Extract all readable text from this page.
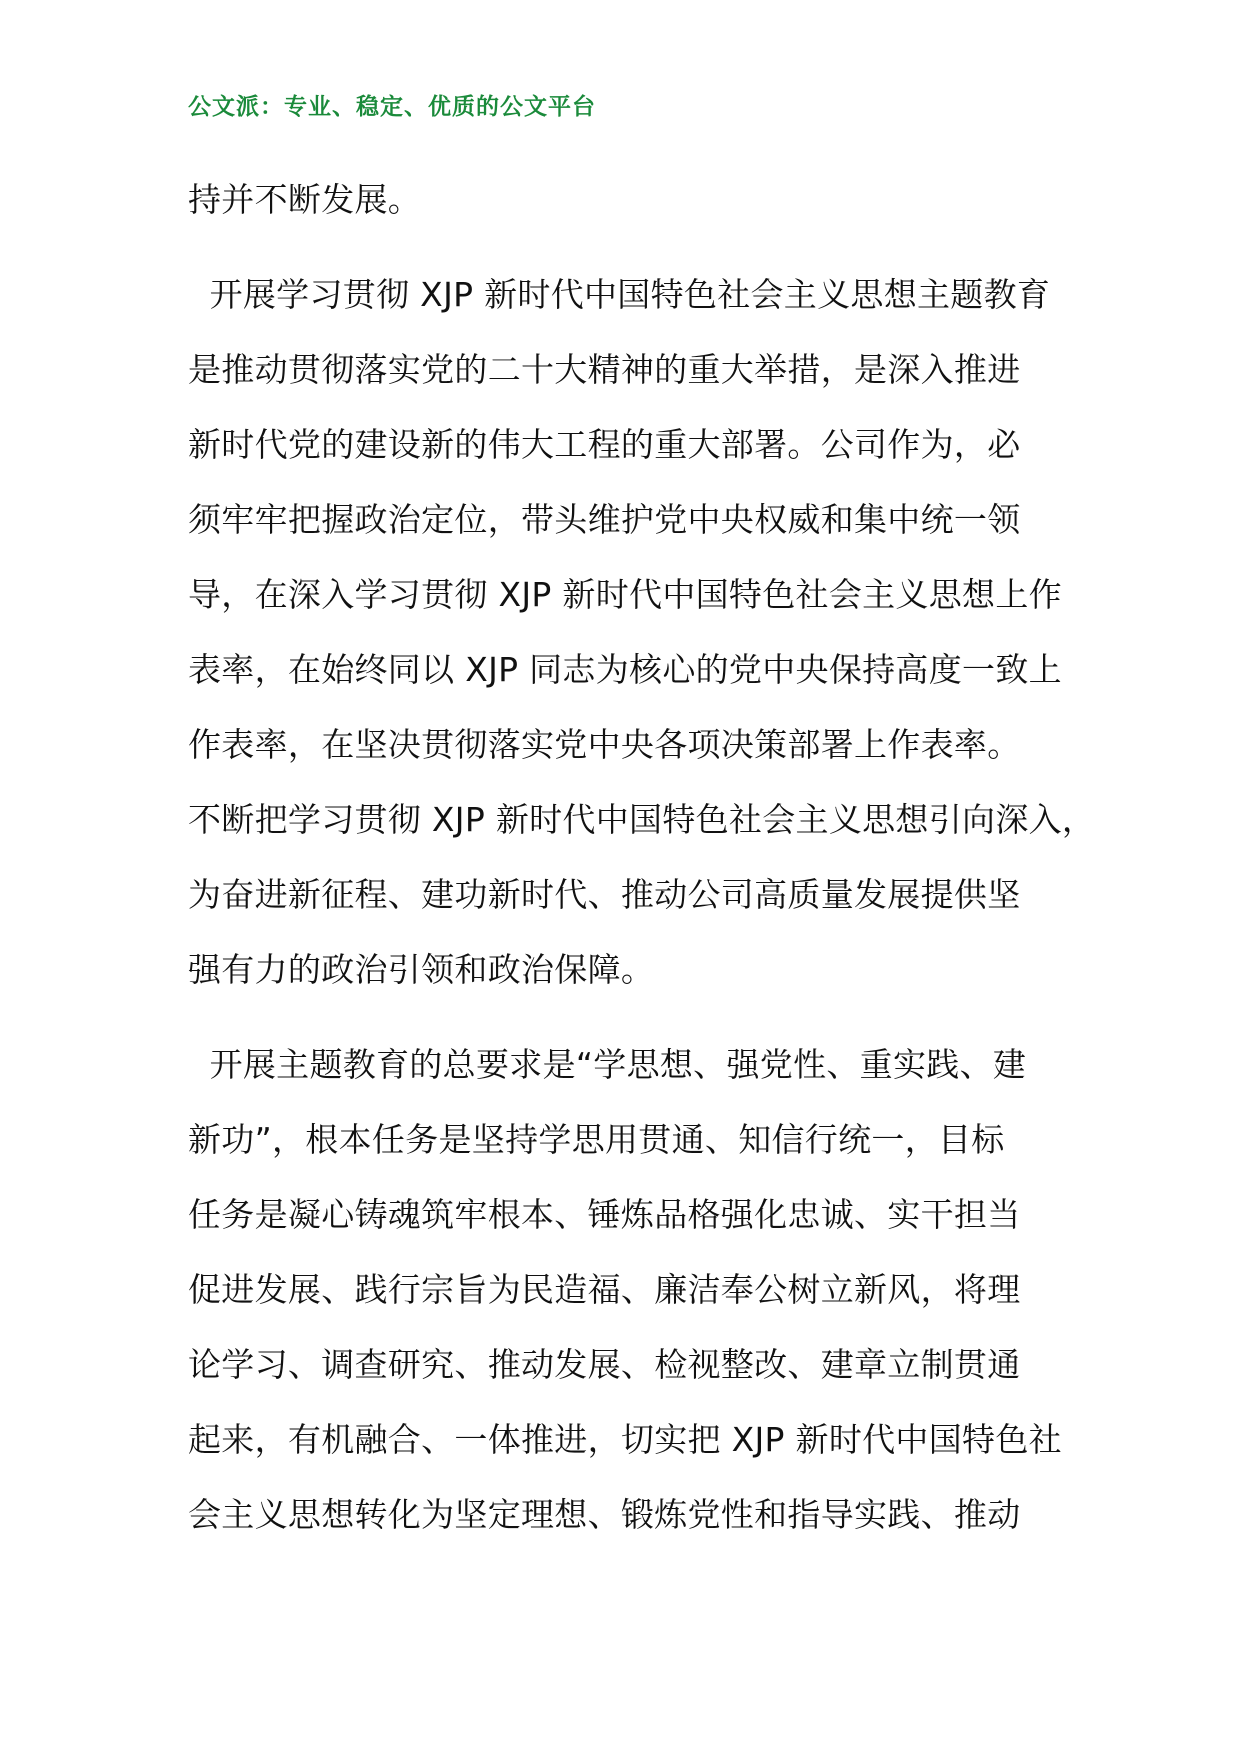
公文派：专业、稳定、优质的公文平台
持并不断发展。
开展学习贯彻 XJP 新时代中国特色社会主义思想主题教育
是推动贯彻落实党的二十大精神的重大举措，是深入推进
新时代党的建设新的伟大工程的重大部署。公司作为，必
须牢牢把握政治定位，带头维护党中央权威和集中统一领
导，在深入学习贯彻 XJP 新时代中国特色社会主义思想上作
表率，在始终同以 XJP 同志为核心的党中央保持高度一致上
作表率，在坚决贯彻落实党中央各项决策部署上作表率。
不断把学习贯彻 XJP 新时代中国特色社会主义思想引向深入，
为奋进新征程、建功新时代、推动公司高质量发展提供坚
强有力的政治引领和政治保障。
开展主题教育的总要求是“学思想、强党性、重实践、建
新功”，根本任务是坚持学思用贯通、知信行统一，目标
任务是凝心铸魂筑牢根本、锤炼品格强化忠诚、实干担当
促进发展、践行宗旨为民造福、廉洁奉公树立新风，将理
论学习、调查研究、推动发展、检视整改、建章立制贯通
起来，有机融合、一体推进，切实把 XJP 新时代中国特色社
会主义思想转化为坚定理想、锻炼党性和指导实践、推动
